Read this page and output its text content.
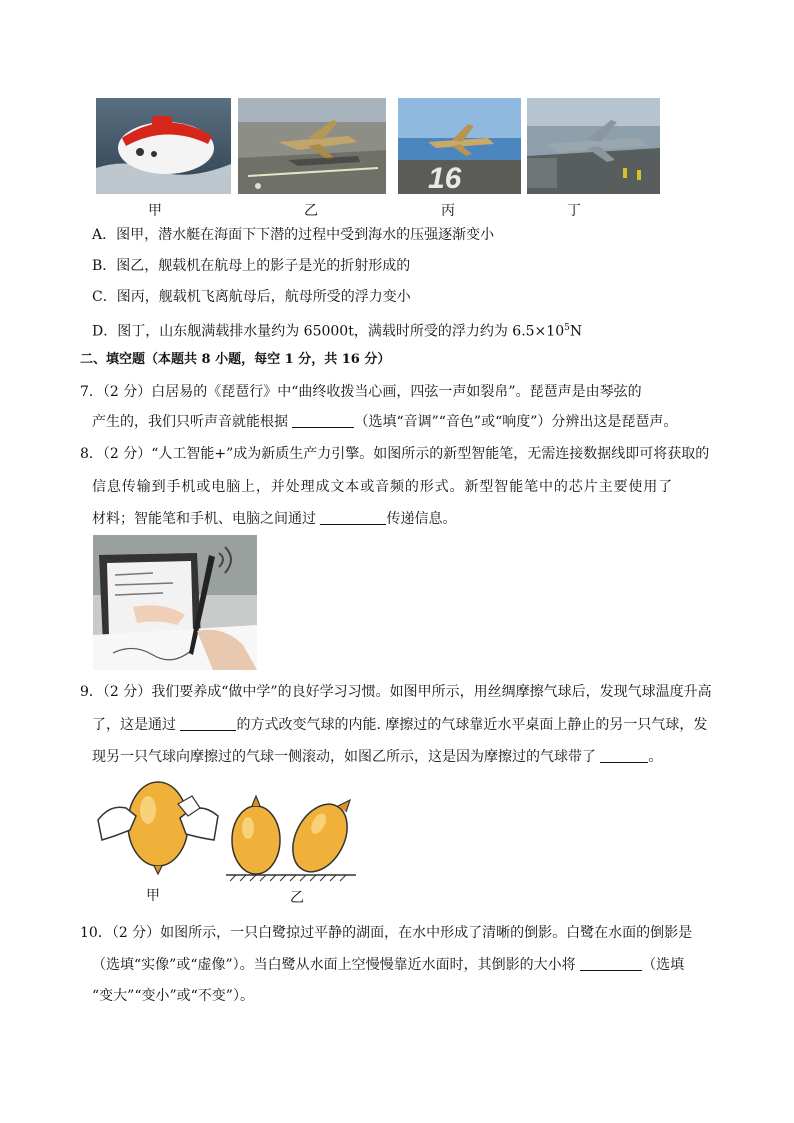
16
甲	乙	丙	丁
A．图甲，潜水艇在海面下下潜的过程中受到海水的压强逐渐变小
B．图乙，舰载机在航母上的影子是光的折射形成的
C．图丙，舰载机飞离航母后，航母所受的浮力变小
D．图丁，山东舰满载排水量约为 65000t，满载时所受的浮力约为 $6.5\times 10^5N$
二、填空题（本题共 8 小题，每空 1 分，共 16 分）
7．（2 分）白居易的《琵琶行》中“曲终收拨当心画，四弦一声如裂帛”。琵琶声是由琴弦的
产生的，我们只听声音就能根据	（选填“音调”“音色”或“响度”）分辨出这是琵琶声。
8．（2 分）“人工智能+”成为新质生产力引擎。如图所示的新型智能笔，无需连接数据线即可将获取的
信息传输到手机或电脑上，并处理成文本或音频的形式。新型智能笔中的芯片主要使用了
材料；智能笔和手机、电脑之间通过	传递信息。
9．（2 分）我们要养成“做中学”的良好学习习惯。如图甲所示，用丝绸摩擦气球后，发现气球温度升高
了，这是通过	的方式改变气球的内能. 摩擦过的气球靠近水平桌面上静止的另一只气球，发
现另一只气球向摩擦过的气球一侧滚动，如图乙所示，这是因为摩擦过的气球带了	。
甲	乙
10．（2 分）如图所示，一只白鹭掠过平静的湖面，在水中形成了清晰的倒影。白鹭在水面的倒影是
（选填“实像”或“虚像”）。当白鹭从水面上空慢慢靠近水面时，其倒影的大小将	（选填
“变大”“变小”或“不变”）。
